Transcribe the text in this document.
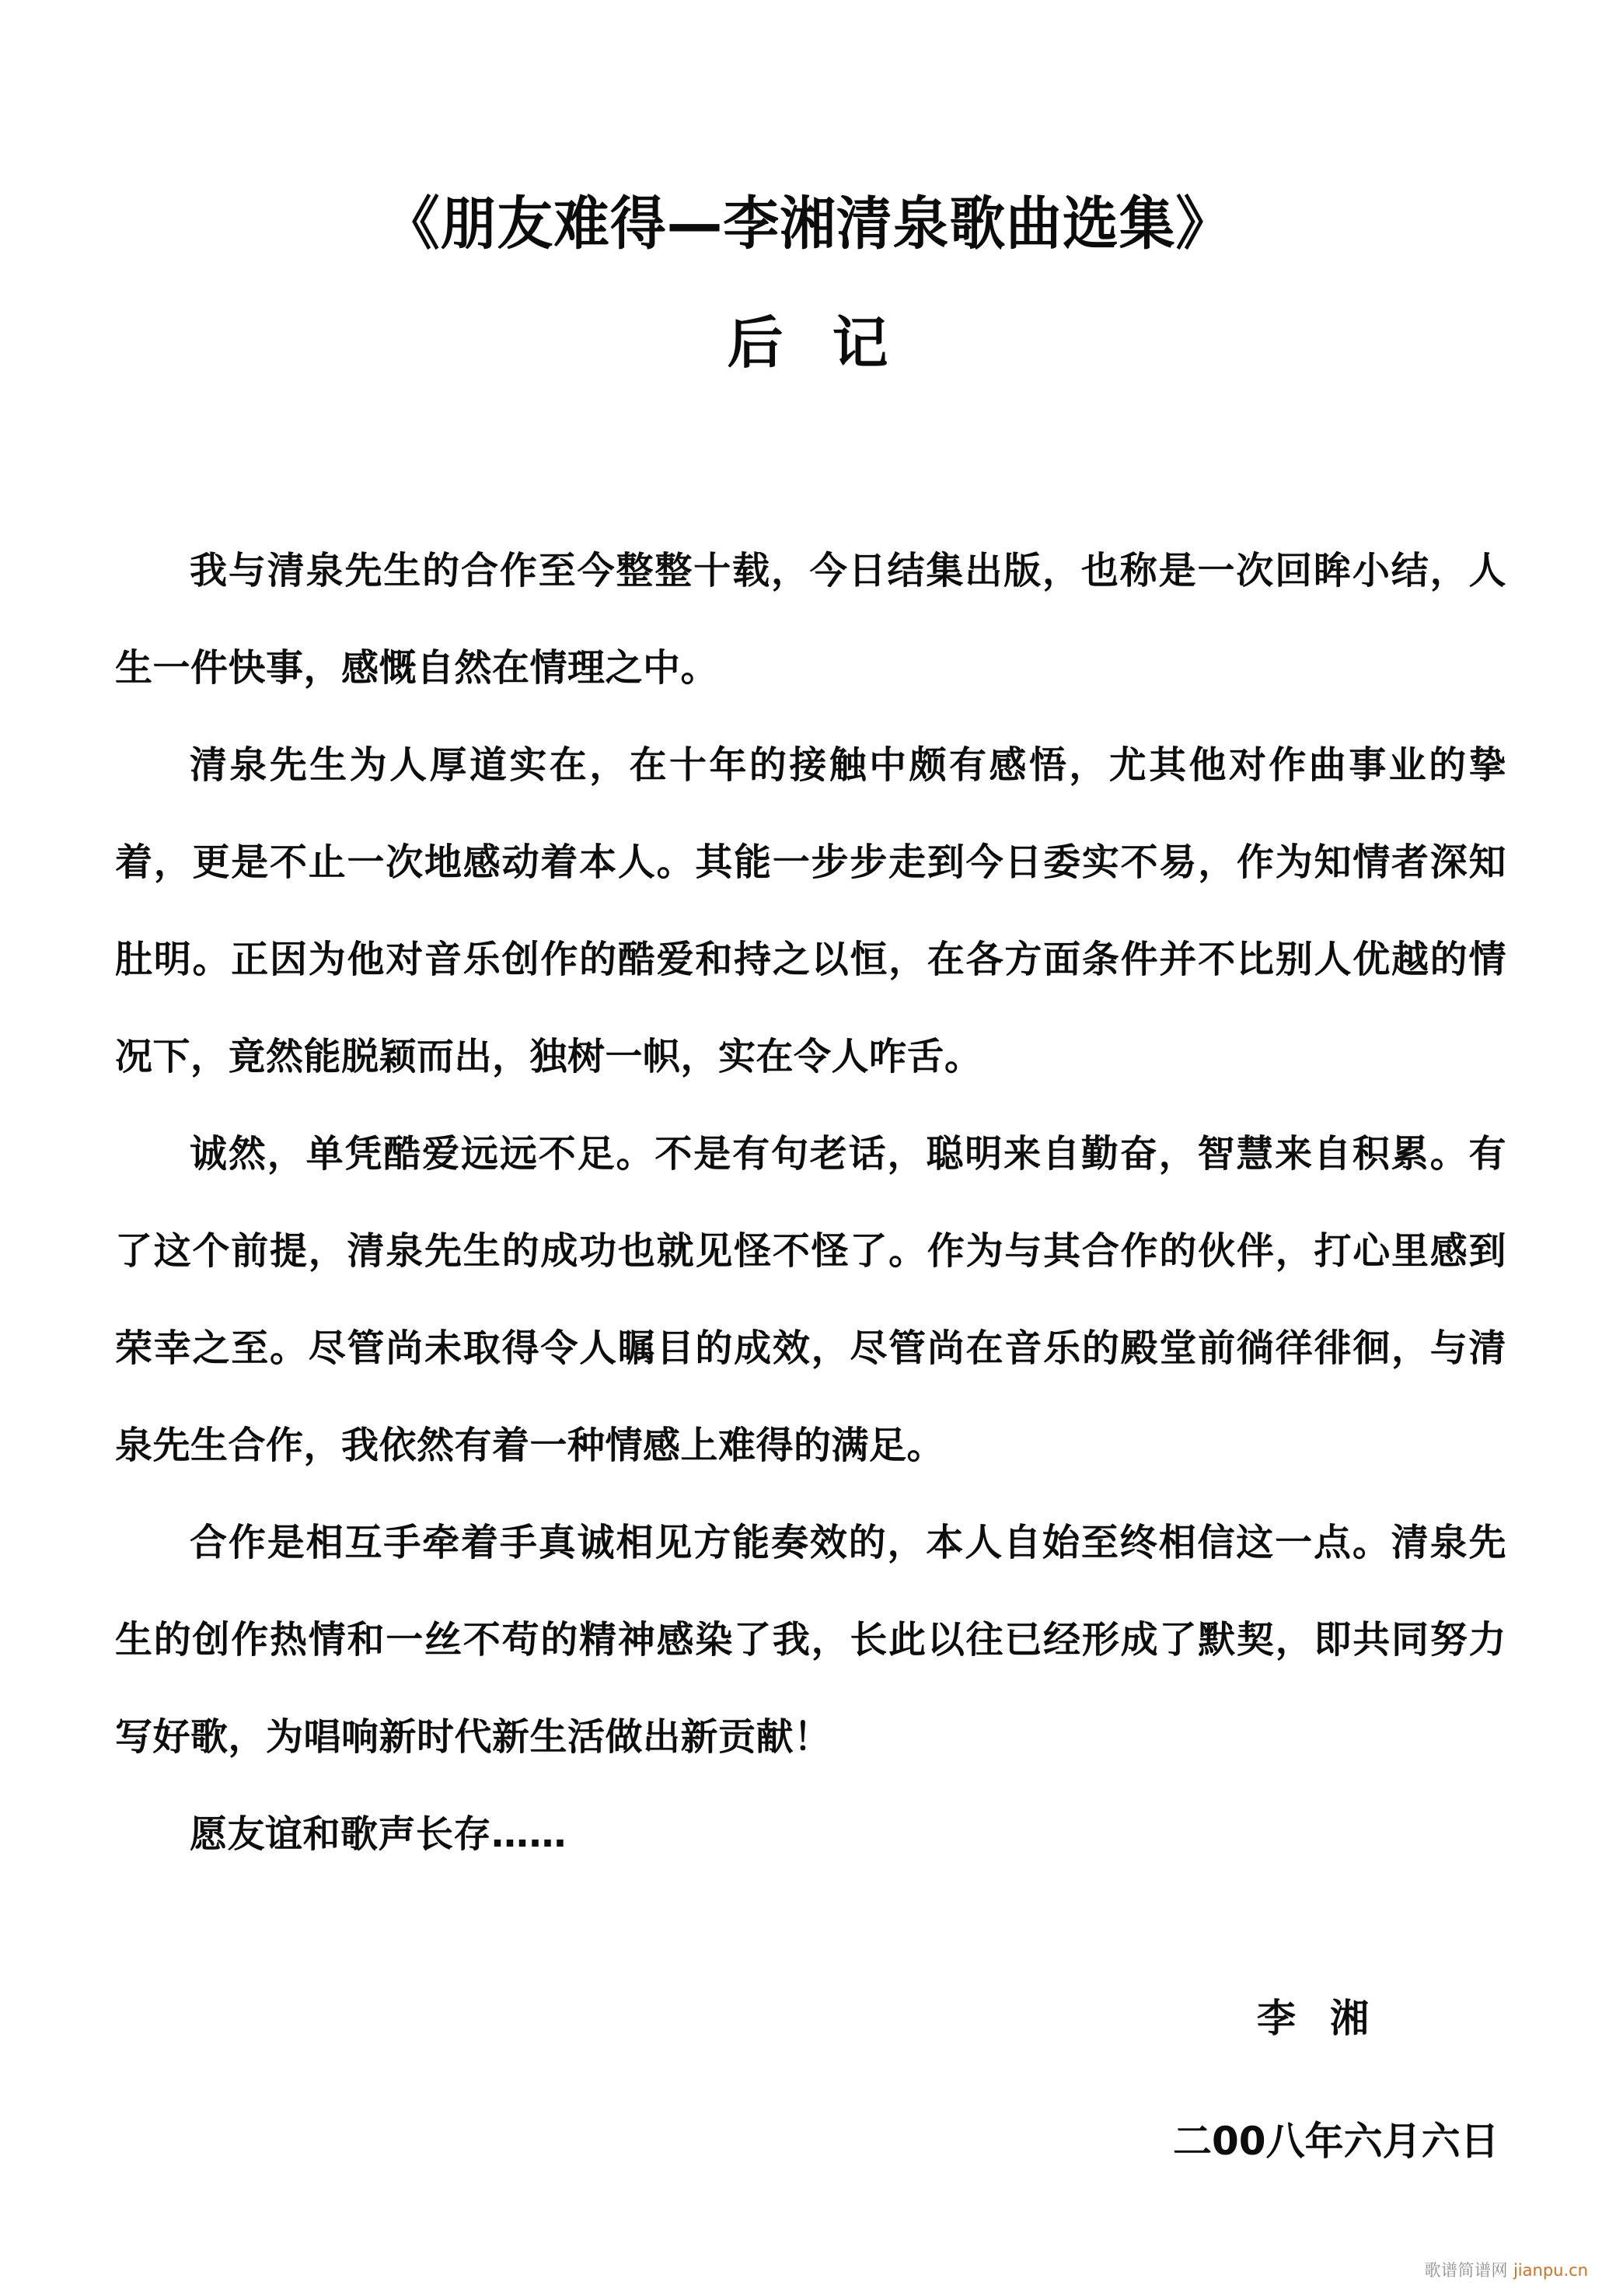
《朋友难得—李湘清泉歌曲选集》
后 记

我与清泉先生的合作至今整整十载，今日结集出版，也称是一次回眸小结，人生一件快事，感慨自然在情理之中。

清泉先生为人厚道实在，在十年的接触中颇有感悟，尤其他对作曲事业的挚着，更是不止一次地感动着本人。其能一步步走到今日委实不易，作为知情者深知肚明。正因为他对音乐创作的酷爱和持之以恒，在各方面条件并不比别人优越的情况下，竟然能脱颖而出，独树一帜，实在令人咋舌。

诚然，单凭酷爱远远不足。不是有句老话，聪明来自勤奋，智慧来自积累。有了这个前提，清泉先生的成功也就见怪不怪了。作为与其合作的伙伴，打心里感到荣幸之至。尽管尚未取得令人瞩目的成效，尽管尚在音乐的殿堂前徜徉徘徊，与清泉先生合作，我依然有着一种情感上难得的满足。

合作是相互手牵着手真诚相见方能奏效的，本人自始至终相信这一点。清泉先生的创作热情和一丝不苟的精神感染了我，长此以往已经形成了默契，即共同努力写好歌，为唱响新时代新生活做出新贡献！

愿友谊和歌声长存……

李 湘
二00八年六月六日
歌谱简谱网 jianpu.cn
